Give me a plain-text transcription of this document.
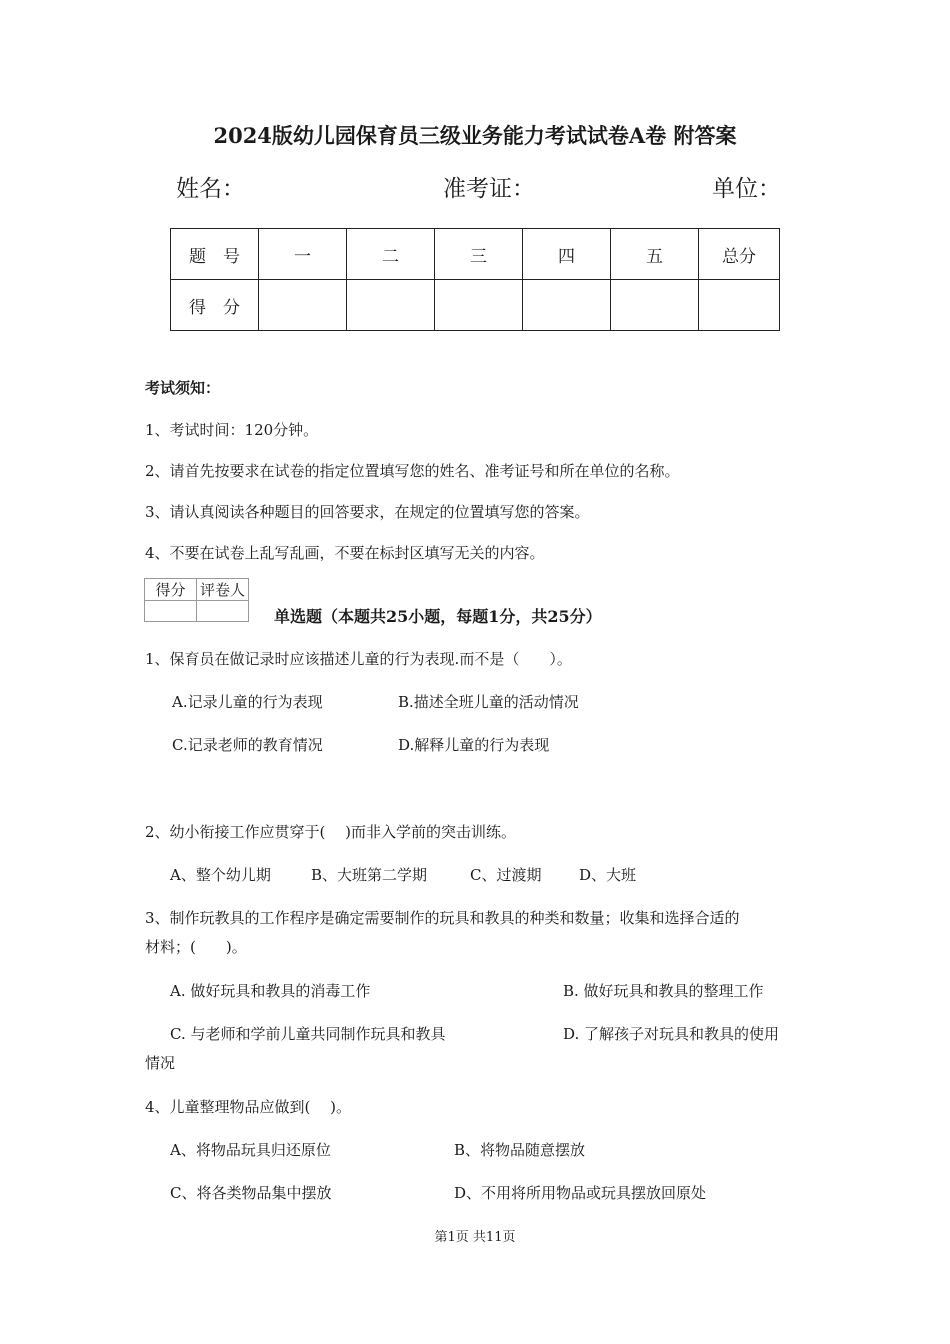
2024版幼儿园保育员三级业务能力考试试卷A卷 附答案
姓名：	准考证：	单位：
题　号	一	二	三	四	五	总分
得　分						
考试须知：
1、考试时间：120分钟。
2、请首先按要求在试卷的指定位置填写您的姓名、准考证号和所在单位的名称。
3、请认真阅读各种题目的回答要求，在规定的位置填写您的答案。
4、不要在试卷上乱写乱画，不要在标封区填写无关的内容。
得分	评卷人

单选题（本题共25小题，每题1分，共25分）
1、保育员在做记录时应该描述儿童的行为表现.而不是（　　）。
A.记录儿童的行为表现	B.描述全班儿童的活动情况
C.记录老师的教育情况	D.解释儿童的行为表现
2、幼小衔接工作应贯穿于(　 )而非入学前的突击训练。
A、整个幼儿期	B、大班第二学期	C、过渡期	D、大班
3、制作玩教具的工作程序是确定需要制作的玩具和教具的种类和数量；收集和选择合适的
材料；(　　)。
A. 做好玩具和教具的消毒工作	B. 做好玩具和教具的整理工作
C. 与老师和学前儿童共同制作玩具和教具	D. 了解孩子对玩具和教具的使用
情况
4、儿童整理物品应做到(　 )。
A、将物品玩具归还原位	B、将物品随意摆放
C、将各类物品集中摆放	D、不用将所用物品或玩具摆放回原处
第1页 共11页
